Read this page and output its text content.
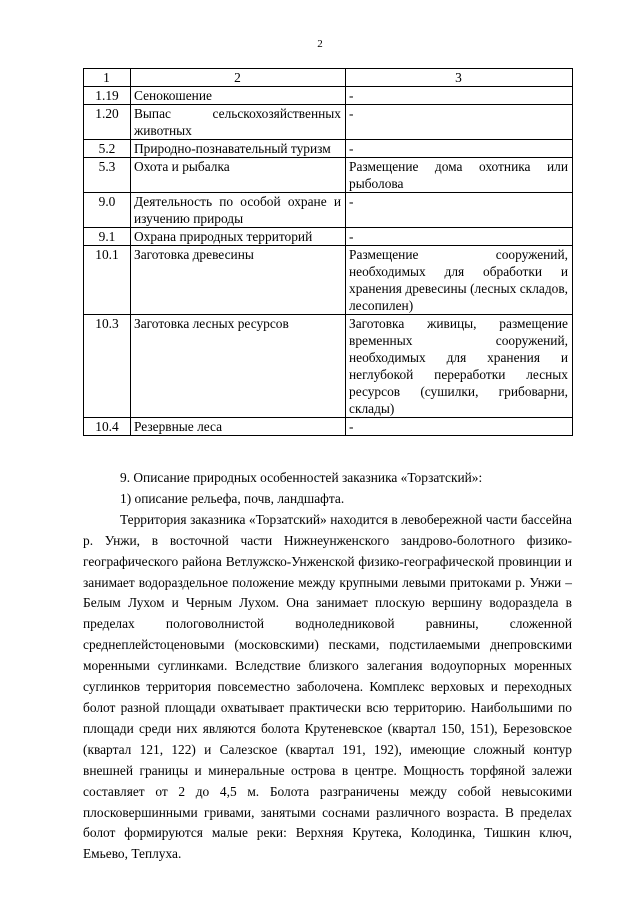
2
1	2	3
1.19	Сенокошение	-
1.20	Выпас сельскохозяйственных животных	-
5.2	Природно-познавательный туризм	-
5.3	Охота и рыбалка	Размещение дома охотника или рыболова
9.0	Деятельность по особой охране и изучению природы	-
9.1	Охрана природных территорий	-
10.1	Заготовка древесины	Размещение сооружений, необходимых для обработки и хранения древесины (лесных складов, лесопилен)
10.3	Заготовка лесных ресурсов	Заготовка живицы, размещение временных сооружений, необходимых для хранения и неглубокой переработки лесных ресурсов (сушилки, грибоварни, склады)
10.4	Резервные леса	-

9. Описание природных особенностей заказника «Торзатский»:

1) описание рельефа, почв, ландшафта.

Территория заказника «Торзатский» находится в левобережной части бассейна р. Унжи, в восточной части Нижнеунженского зандрово-болотного физико-географического района Ветлужско-Унженской физико-географической провинции и занимает водораздельное положение между крупными левыми притоками р. Унжи – Белым Лухом и Черным Лухом. Она занимает плоскую вершину водораздела в пределах пологоволнистой водноледниковой равнины, сложенной среднеплейстоценовыми (московскими) песками, подстилаемыми днепровскими моренными суглинками. Вследствие близкого залегания водоупорных моренных суглинков территория повсеместно заболочена. Комплекс верховых и переходных болот разной площади охватывает практически всю территорию. Наибольшими по площади среди них являются болота Крутеневское (квартал 150, 151), Березовское (квартал 121, 122) и Салезское (квартал 191, 192), имеющие сложный контур внешней границы и минеральные острова в центре. Мощность торфяной залежи составляет от 2 до 4,5 м. Болота разграничены между собой невысокими плосковершинными гривами, занятыми соснами различного возраста. В пределах болот формируются малые реки: Верхняя Крутека, Колодинка, Тишкин ключ, Емьево, Теплуха.
